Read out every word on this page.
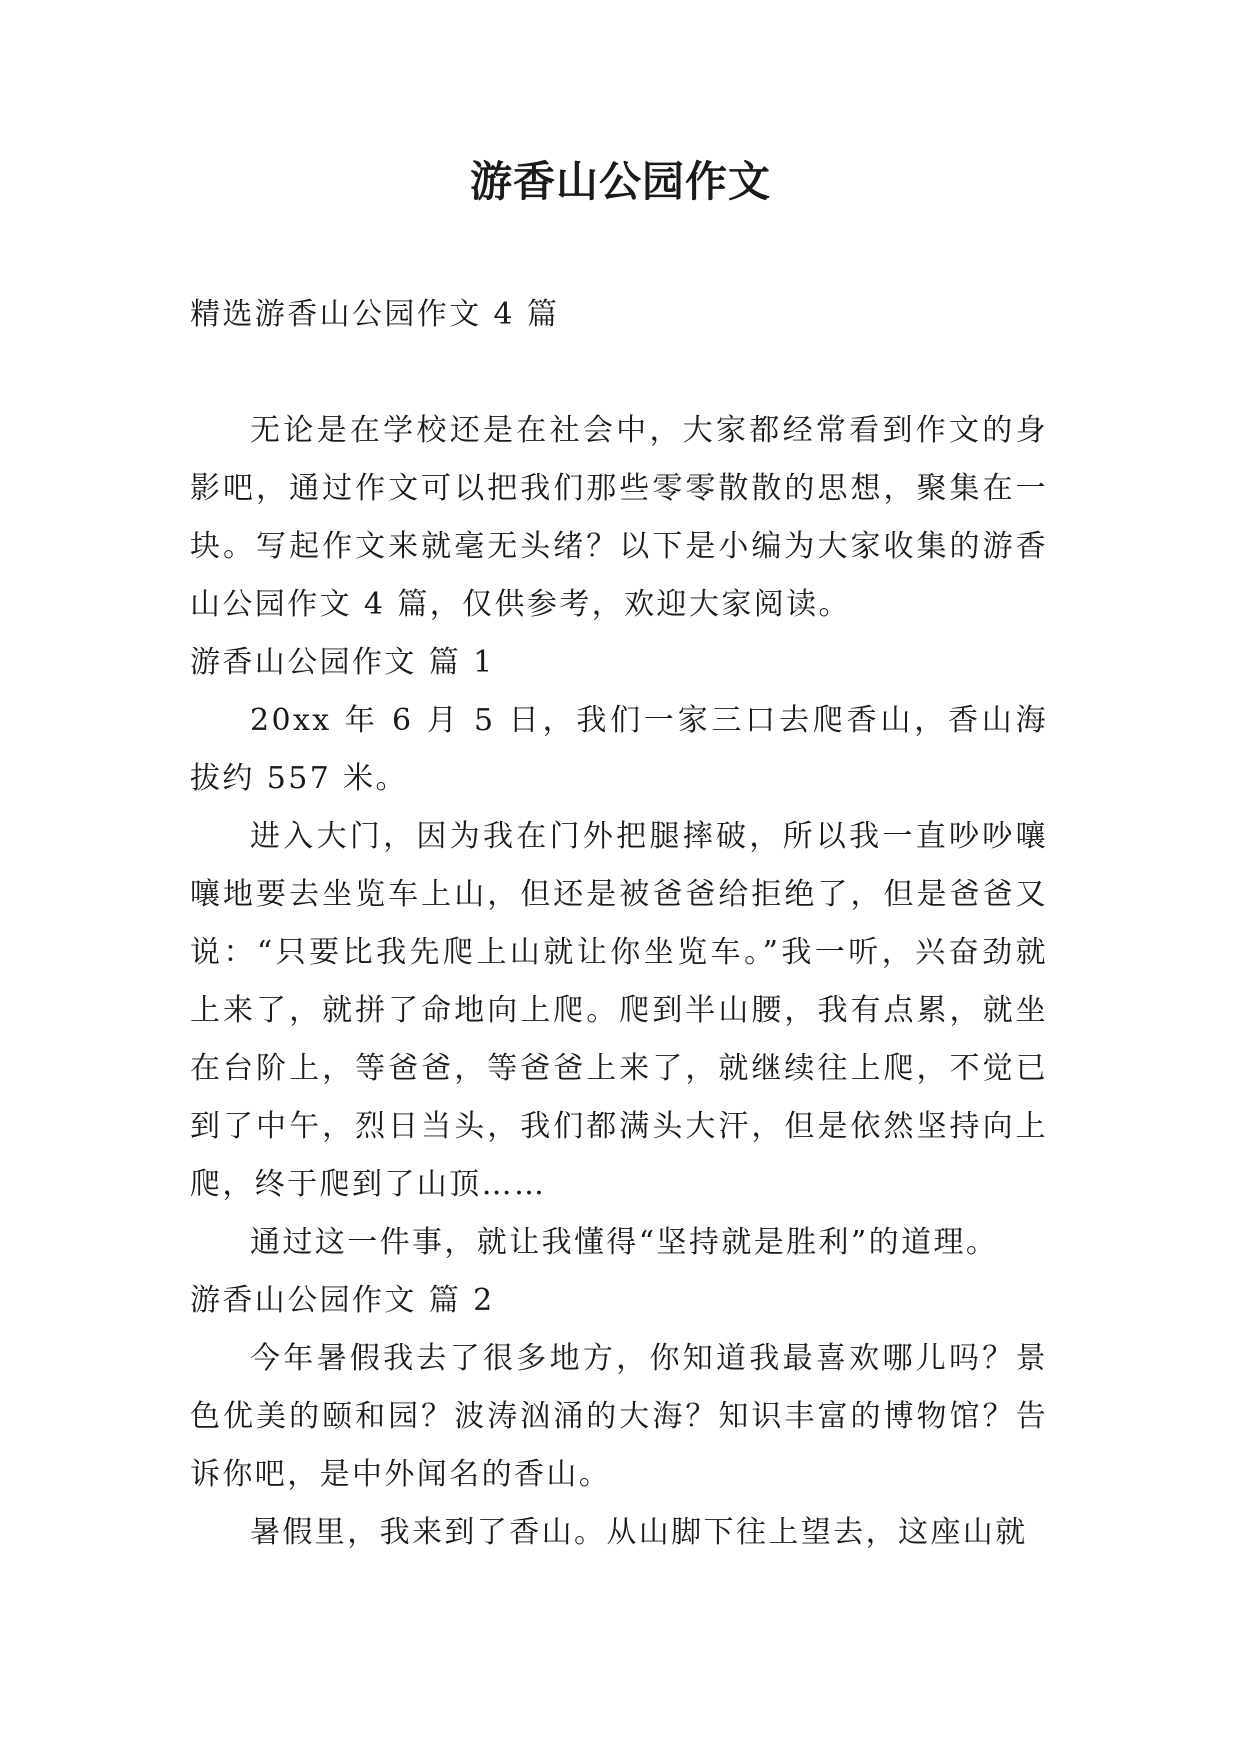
游香山公园作文

精选游香山公园作文 4 篇

无论是在学校还是在社会中，大家都经常看到作文的身影吧，通过作文可以把我们那些零零散散的思想，聚集在一块。写起作文来就毫无头绪？以下是小编为大家收集的游香山公园作文 4 篇，仅供参考，欢迎大家阅读。

游香山公园作文 篇 1

20xx 年 6 月 5 日，我们一家三口去爬香山，香山海拔约 557 米。

进入大门，因为我在门外把腿摔破，所以我一直吵吵嚷嚷地要去坐览车上山，但还是被爸爸给拒绝了，但是爸爸又说：“只要比我先爬上山就让你坐览车。”我一听，兴奋劲就上来了，就拼了命地向上爬。爬到半山腰，我有点累，就坐在台阶上，等爸爸，等爸爸上来了，就继续往上爬，不觉已到了中午，烈日当头，我们都满头大汗，但是依然坚持向上爬，终于爬到了山顶……

通过这一件事，就让我懂得“坚持就是胜利”的道理。

游香山公园作文 篇 2

今年暑假我去了很多地方，你知道我最喜欢哪儿吗？景色优美的颐和园？波涛汹涌的大海？知识丰富的博物馆？告诉你吧，是中外闻名的香山。

暑假里，我来到了香山。从山脚下往上望去，这座山就
